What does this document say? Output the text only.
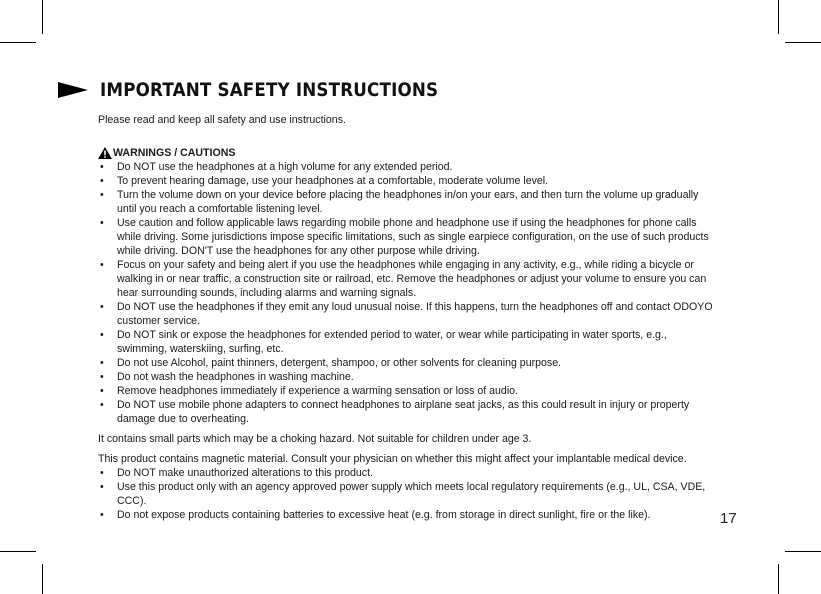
IMPORTANT SAFETY INSTRUCTIONS

Please read and keep all safety and use instructions.

WARNINGS / CAUTIONS
• Do NOT use the headphones at a high volume for any extended period.
• To prevent hearing damage, use your headphones at a comfortable, moderate volume level.
• Turn the volume down on your device before placing the headphones in/on your ears, and then turn the volume up gradually until you reach a comfortable listening level.
• Use caution and follow applicable laws regarding mobile phone and headphone use if using the headphones for phone calls while driving. Some jurisdictions impose specific limitations, such as single earpiece configuration, on the use of such products while driving. DON'T use the headphones for any other purpose while driving.
• Focus on your safety and being alert if you use the headphones while engaging in any activity, e.g., while riding a bicycle or walking in or near traffic, a construction site or railroad, etc. Remove the headphones or adjust your volume to ensure you can hear surrounding sounds, including alarms and warning signals.
• Do NOT use the headphones if they emit any loud unusual noise. If this happens, turn the headphones off and contact ODOYO customer service.
• Do NOT sink or expose the headphones for extended period to water, or wear while participating in water sports, e.g., swimming, waterskiing, surfing, etc.
• Do not use Alcohol, paint thinners, detergent, shampoo, or other solvents for cleaning purpose.
• Do not wash the headphones in washing machine.
• Remove headphones immediately if experience a warming sensation or loss of audio.
• Do NOT use mobile phone adapters to connect headphones to airplane seat jacks, as this could result in injury or property damage due to overheating.

It contains small parts which may be a choking hazard. Not suitable for children under age 3.

This product contains magnetic material. Consult your physician on whether this might affect your implantable medical device.

• Do NOT make unauthorized alterations to this product.
• Use this product only with an agency approved power supply which meets local regulatory requirements (e.g., UL, CSA, VDE, CCC).
• Do not expose products containing batteries to excessive heat (e.g. from storage in direct sunlight, fire or the like).	17
